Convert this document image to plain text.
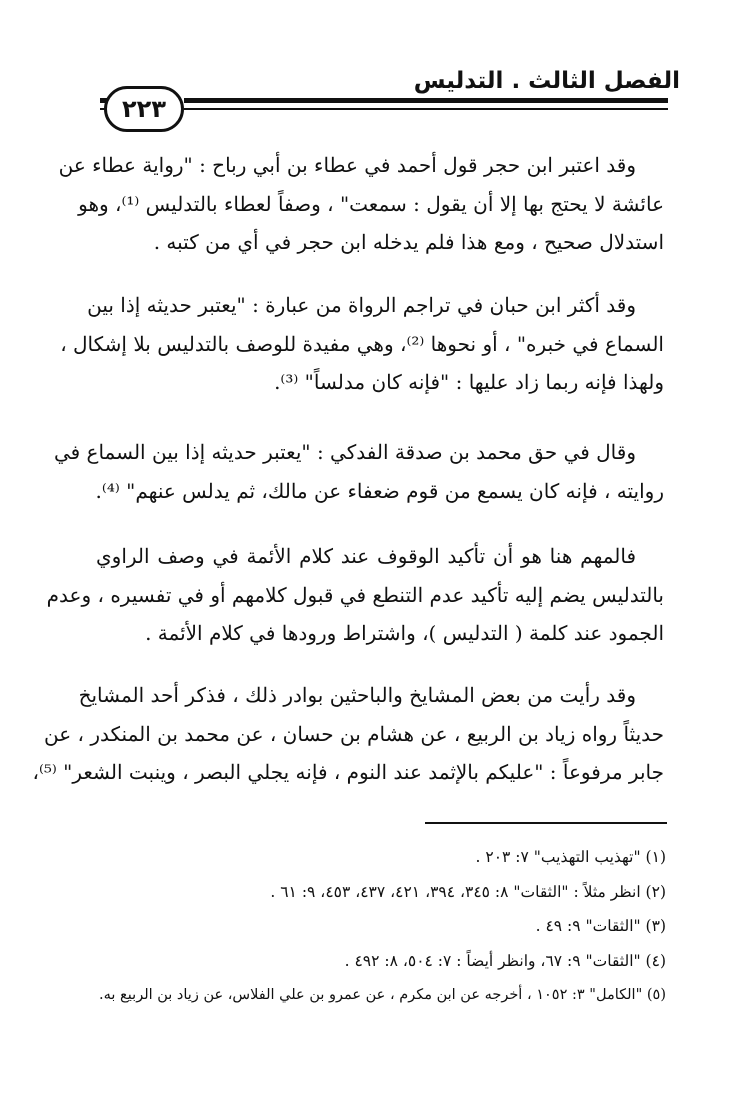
الفصل الثالث . التدليس
٢٢٣
وقد اعتبر ابن حجر قول أحمد في عطاء بن أبي رباح : "رواية عطاء عن
عائشة لا يحتج بها إلا أن يقول : سمعت" ، وصفاً لعطاء بالتدليس ⁽¹⁾، وهو
استدلال صحيح ، ومع هذا فلم يدخله ابن حجر في أي من كتبه .
وقد أكثر ابن حبان في تراجم الرواة من عبارة : "يعتبر حديثه إذا بين
السماع في خبره" ، أو نحوها ⁽²⁾، وهي مفيدة للوصف بالتدليس بلا إشكال ،
ولهذا فإنه ربما زاد عليها : "فإنه كان مدلساً" ⁽³⁾.
وقال في حق محمد بن صدقة الفدكي : "يعتبر حديثه إذا بين السماع في
روايته ، فإنه كان يسمع من قوم ضعفاء عن مالك، ثم يدلس عنهم" ⁽⁴⁾.
فالمهم هنا هو أن تأكيد الوقوف عند كلام الأئمة في وصف الراوي
بالتدليس يضم إليه تأكيد عدم التنطع في قبول كلامهم أو في تفسيره ، وعدم
الجمود عند كلمة ( التدليس )، واشتراط ورودها في كلام الأئمة .
وقد رأيت من بعض المشايخ والباحثين بوادر ذلك ، فذكر أحد المشايخ
حديثاً رواه زياد بن الربيع ، عن هشام بن حسان ، عن محمد بن المنكدر ، عن
جابر مرفوعاً : "عليكم بالإثمد عند النوم ، فإنه يجلي البصر ، وينبت الشعر" ⁽⁵⁾،
(١) "تهذيب التهذيب" ٧: ٢٠٣ .
(٢) انظر مثلاً : "الثقات" ٨: ٣٤٥، ٣٩٤، ٤٢١، ٤٣٧، ٤٥٣، ٩: ٦١ .
(٣) "الثقات" ٩: ٤٩ .
(٤) "الثقات" ٩: ٦٧، وانظر أيضاً : ٧: ٥٠٤، ٨: ٤٩٢ .
(٥) "الكامل" ٣: ١٠٥٢ ، أخرجه عن ابن مكرم ، عن عمرو بن علي الفلاس، عن زياد بن الربيع به.
